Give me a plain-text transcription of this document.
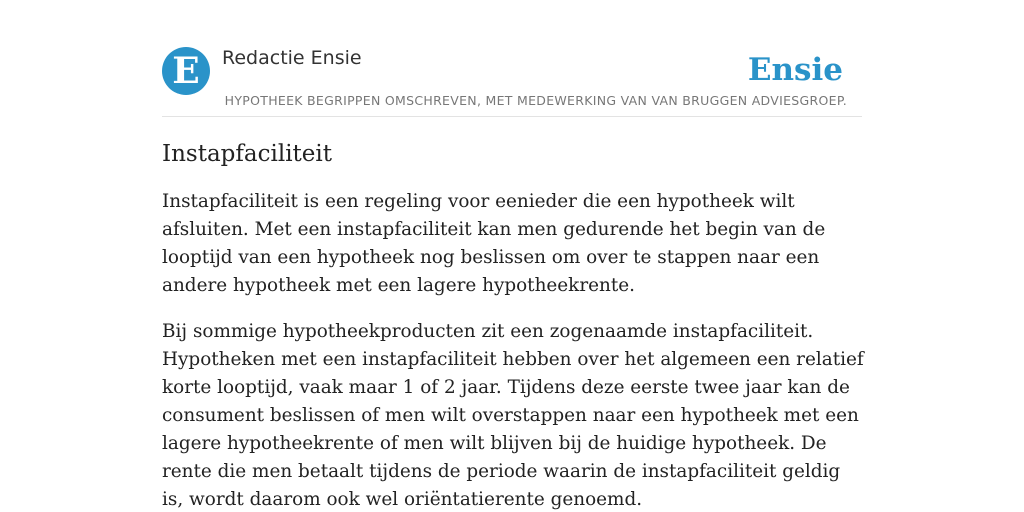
E	Redactie Ensie	Ensie
HYPOTHEEK BEGRIPPEN OMSCHREVEN, MET MEDEWERKING VAN VAN BRUGGEN ADVIESGROEP.
Instapfaciliteit

Instapfaciliteit is een regeling voor eenieder die een hypotheek wilt afsluiten. Met een instapfaciliteit kan men gedurende het begin van de looptijd van een hypotheek nog beslissen om over te stappen naar een andere hypotheek met een lagere hypotheekrente.

Bij sommige hypotheekproducten zit een zogenaamde instapfaciliteit. Hypotheken met een instapfaciliteit hebben over het algemeen een relatief korte looptijd, vaak maar 1 of 2 jaar. Tijdens deze eerste twee jaar kan de consument beslissen of men wilt overstappen naar een hypotheek met een lagere hypotheekrente of men wilt blijven bij de huidige hypotheek. De rente die men betaalt tijdens de periode waarin de instapfaciliteit geldig is, wordt daarom ook wel oriëntatierente genoemd.
